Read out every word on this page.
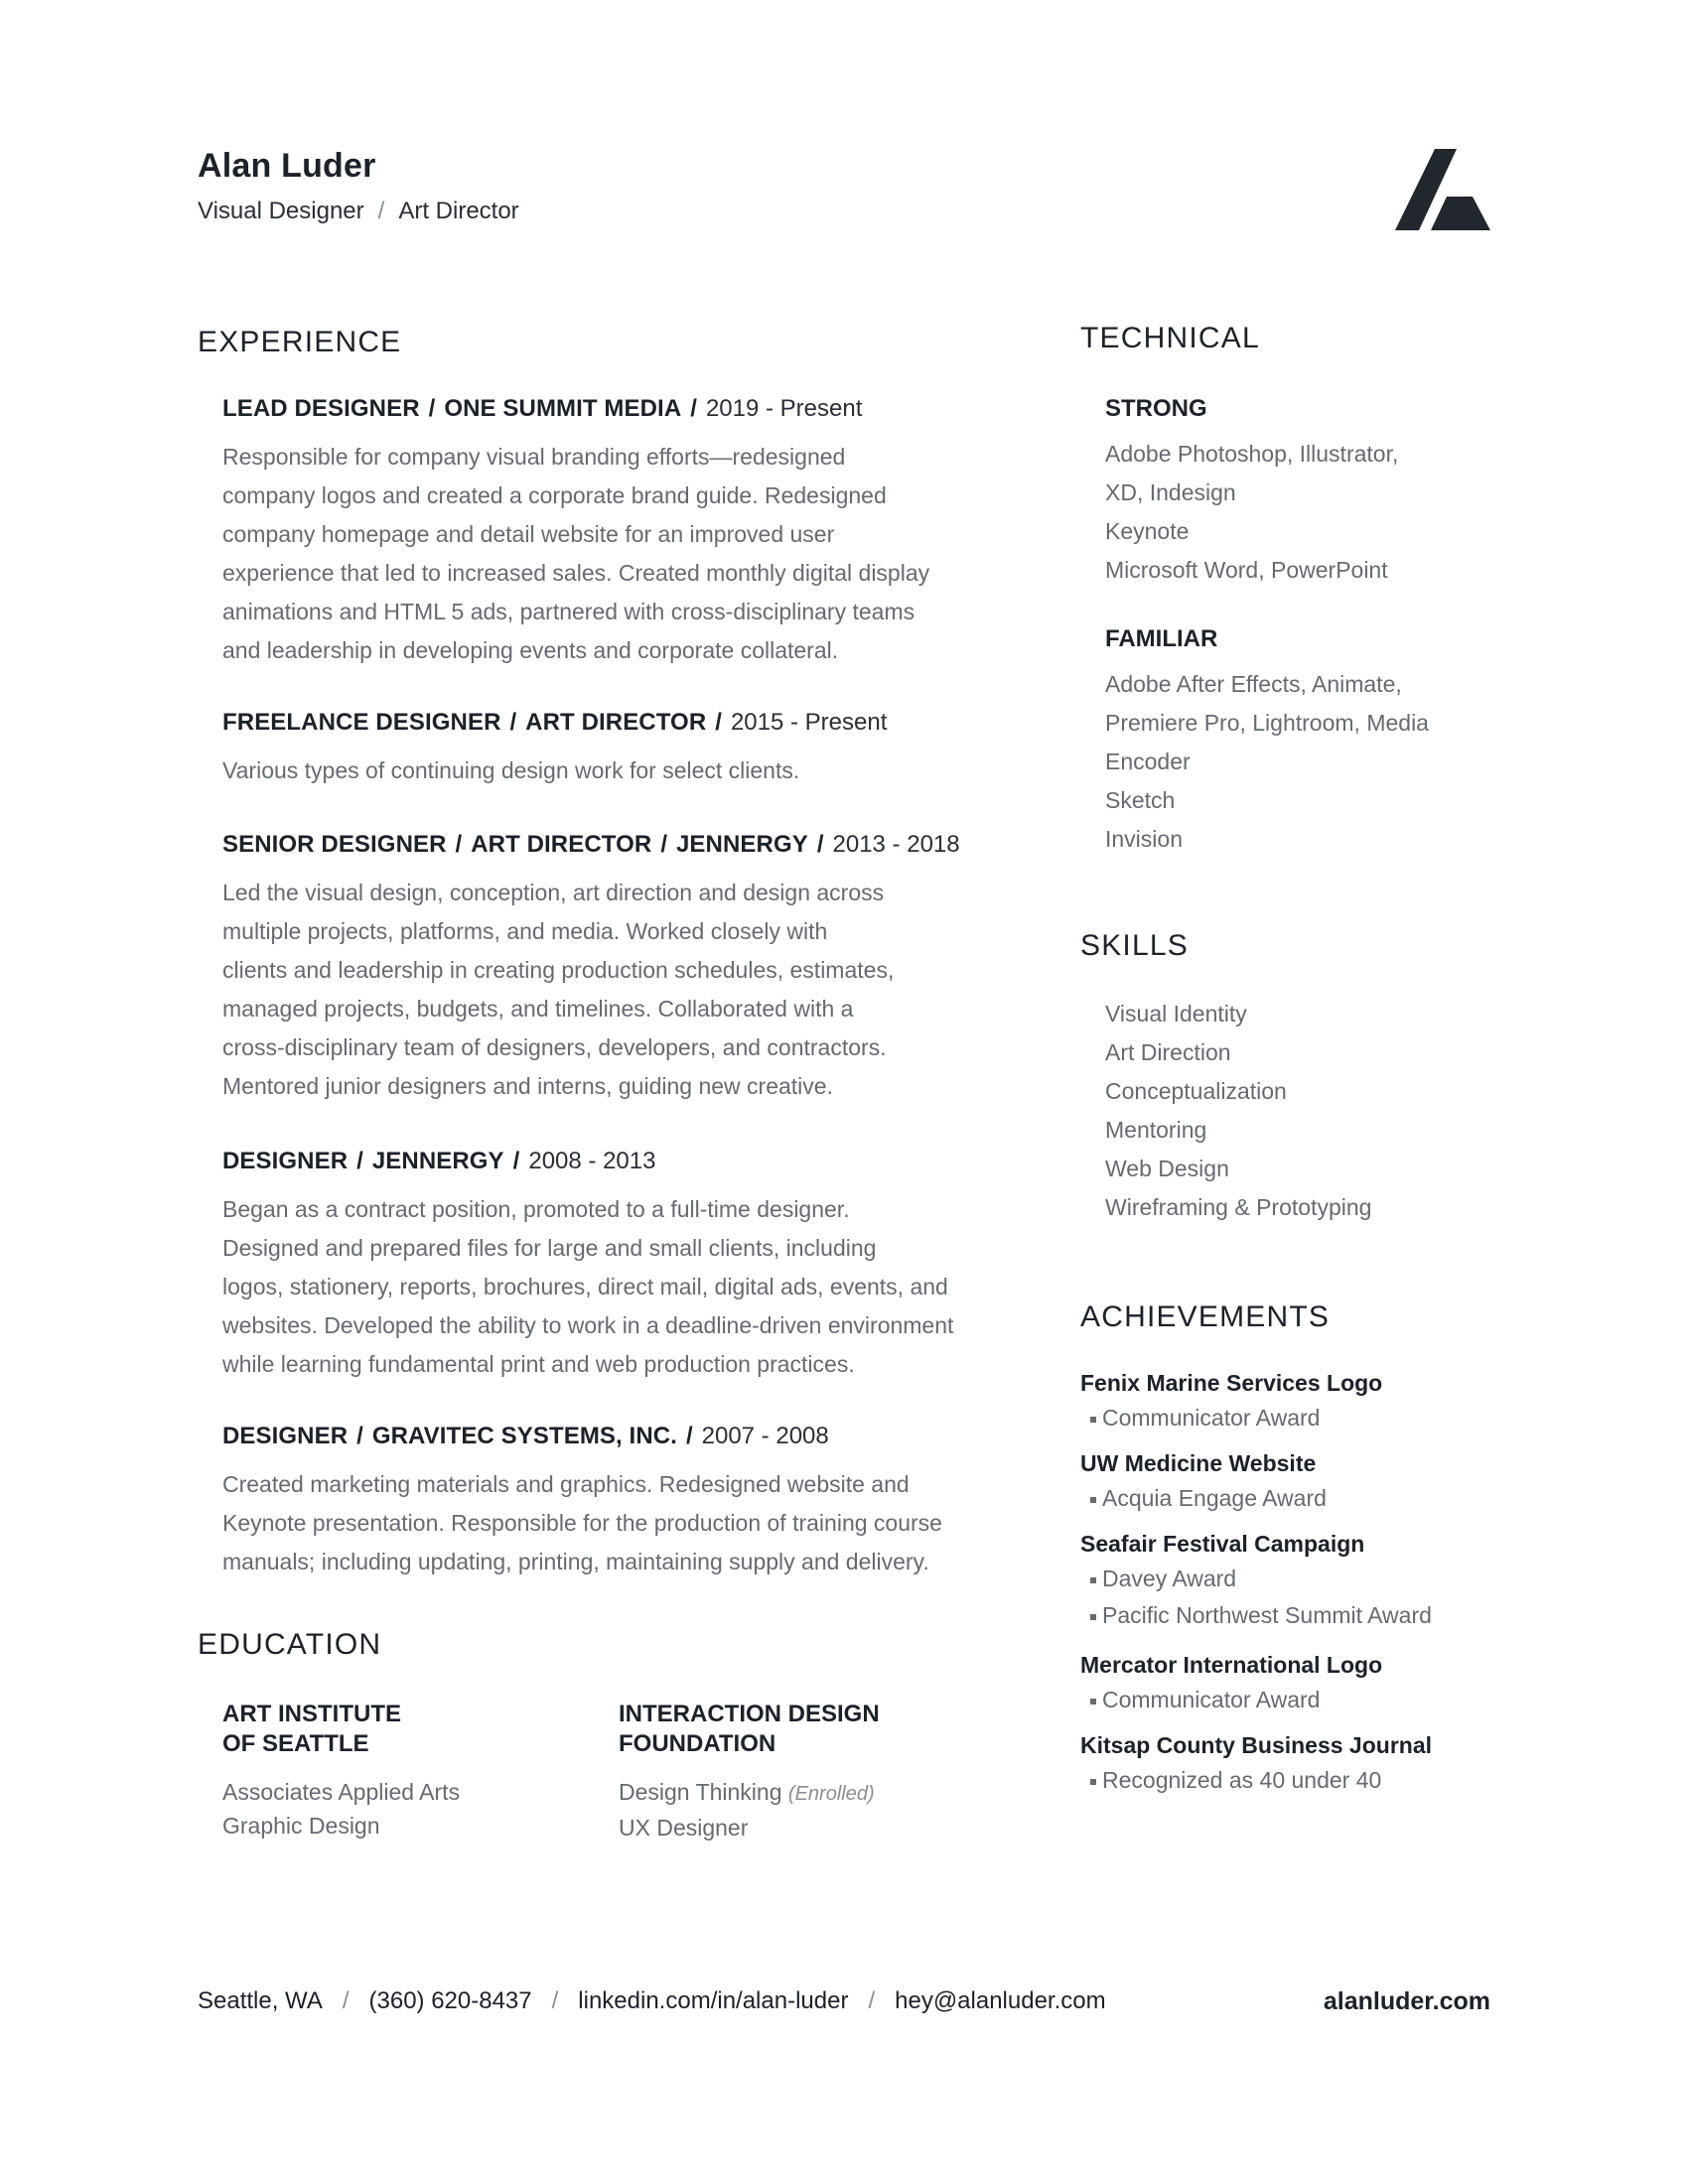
Alan Luder
Visual Designer / Art Director
EXPERIENCE
LEAD DESIGNER / ONE SUMMIT MEDIA / 2019 - Present
Responsible for company visual branding efforts—redesigned
company logos and created a corporate brand guide. Redesigned
company homepage and detail website for an improved user
experience that led to increased sales. Created monthly digital display
animations and HTML 5 ads, partnered with cross-disciplinary teams
and leadership in developing events and corporate collateral.
FREELANCE DESIGNER / ART DIRECTOR / 2015 - Present
Various types of continuing design work for select clients.
SENIOR DESIGNER / ART DIRECTOR / JENNERGY / 2013 - 2018
Led the visual design, conception, art direction and design across
multiple projects, platforms, and media. Worked closely with
clients and leadership in creating production schedules, estimates,
managed projects, budgets, and timelines. Collaborated with a
cross-disciplinary team of designers, developers, and contractors.
Mentored junior designers and interns, guiding new creative.
DESIGNER / JENNERGY / 2008 - 2013
Began as a contract position, promoted to a full-time designer.
Designed and prepared files for large and small clients, including
logos, stationery, reports, brochures, direct mail, digital ads, events, and
websites. Developed the ability to work in a deadline-driven environment
while learning fundamental print and web production practices.
DESIGNER / GRAVITEC SYSTEMS, INC. / 2007 - 2008
Created marketing materials and graphics. Redesigned website and
Keynote presentation. Responsible for the production of training course
manuals; including updating, printing, maintaining supply and delivery.
EDUCATION
ART INSTITUTE
OF SEATTLE
Associates Applied Arts
Graphic Design
INTERACTION DESIGN
FOUNDATION
Design Thinking (Enrolled)
UX Designer
TECHNICAL
STRONG
Adobe Photoshop, Illustrator,
XD, Indesign
Keynote
Microsoft Word, PowerPoint
FAMILIAR
Adobe After Effects, Animate,
Premiere Pro, Lightroom, Media
Encoder
Sketch
Invision
SKILLS
Visual Identity
Art Direction
Conceptualization
Mentoring
Web Design
Wireframing & Prototyping
ACHIEVEMENTS
Fenix Marine Services Logo
Communicator Award
UW Medicine Website
Acquia Engage Award
Seafair Festival Campaign
Davey Award
Pacific Northwest Summit Award
Mercator International Logo
Communicator Award
Kitsap County Business Journal
Recognized as 40 under 40
Seattle, WA / (360) 620-8437 / linkedin.com/in/alan-luder / hey@alanluder.com	alanluder.com
